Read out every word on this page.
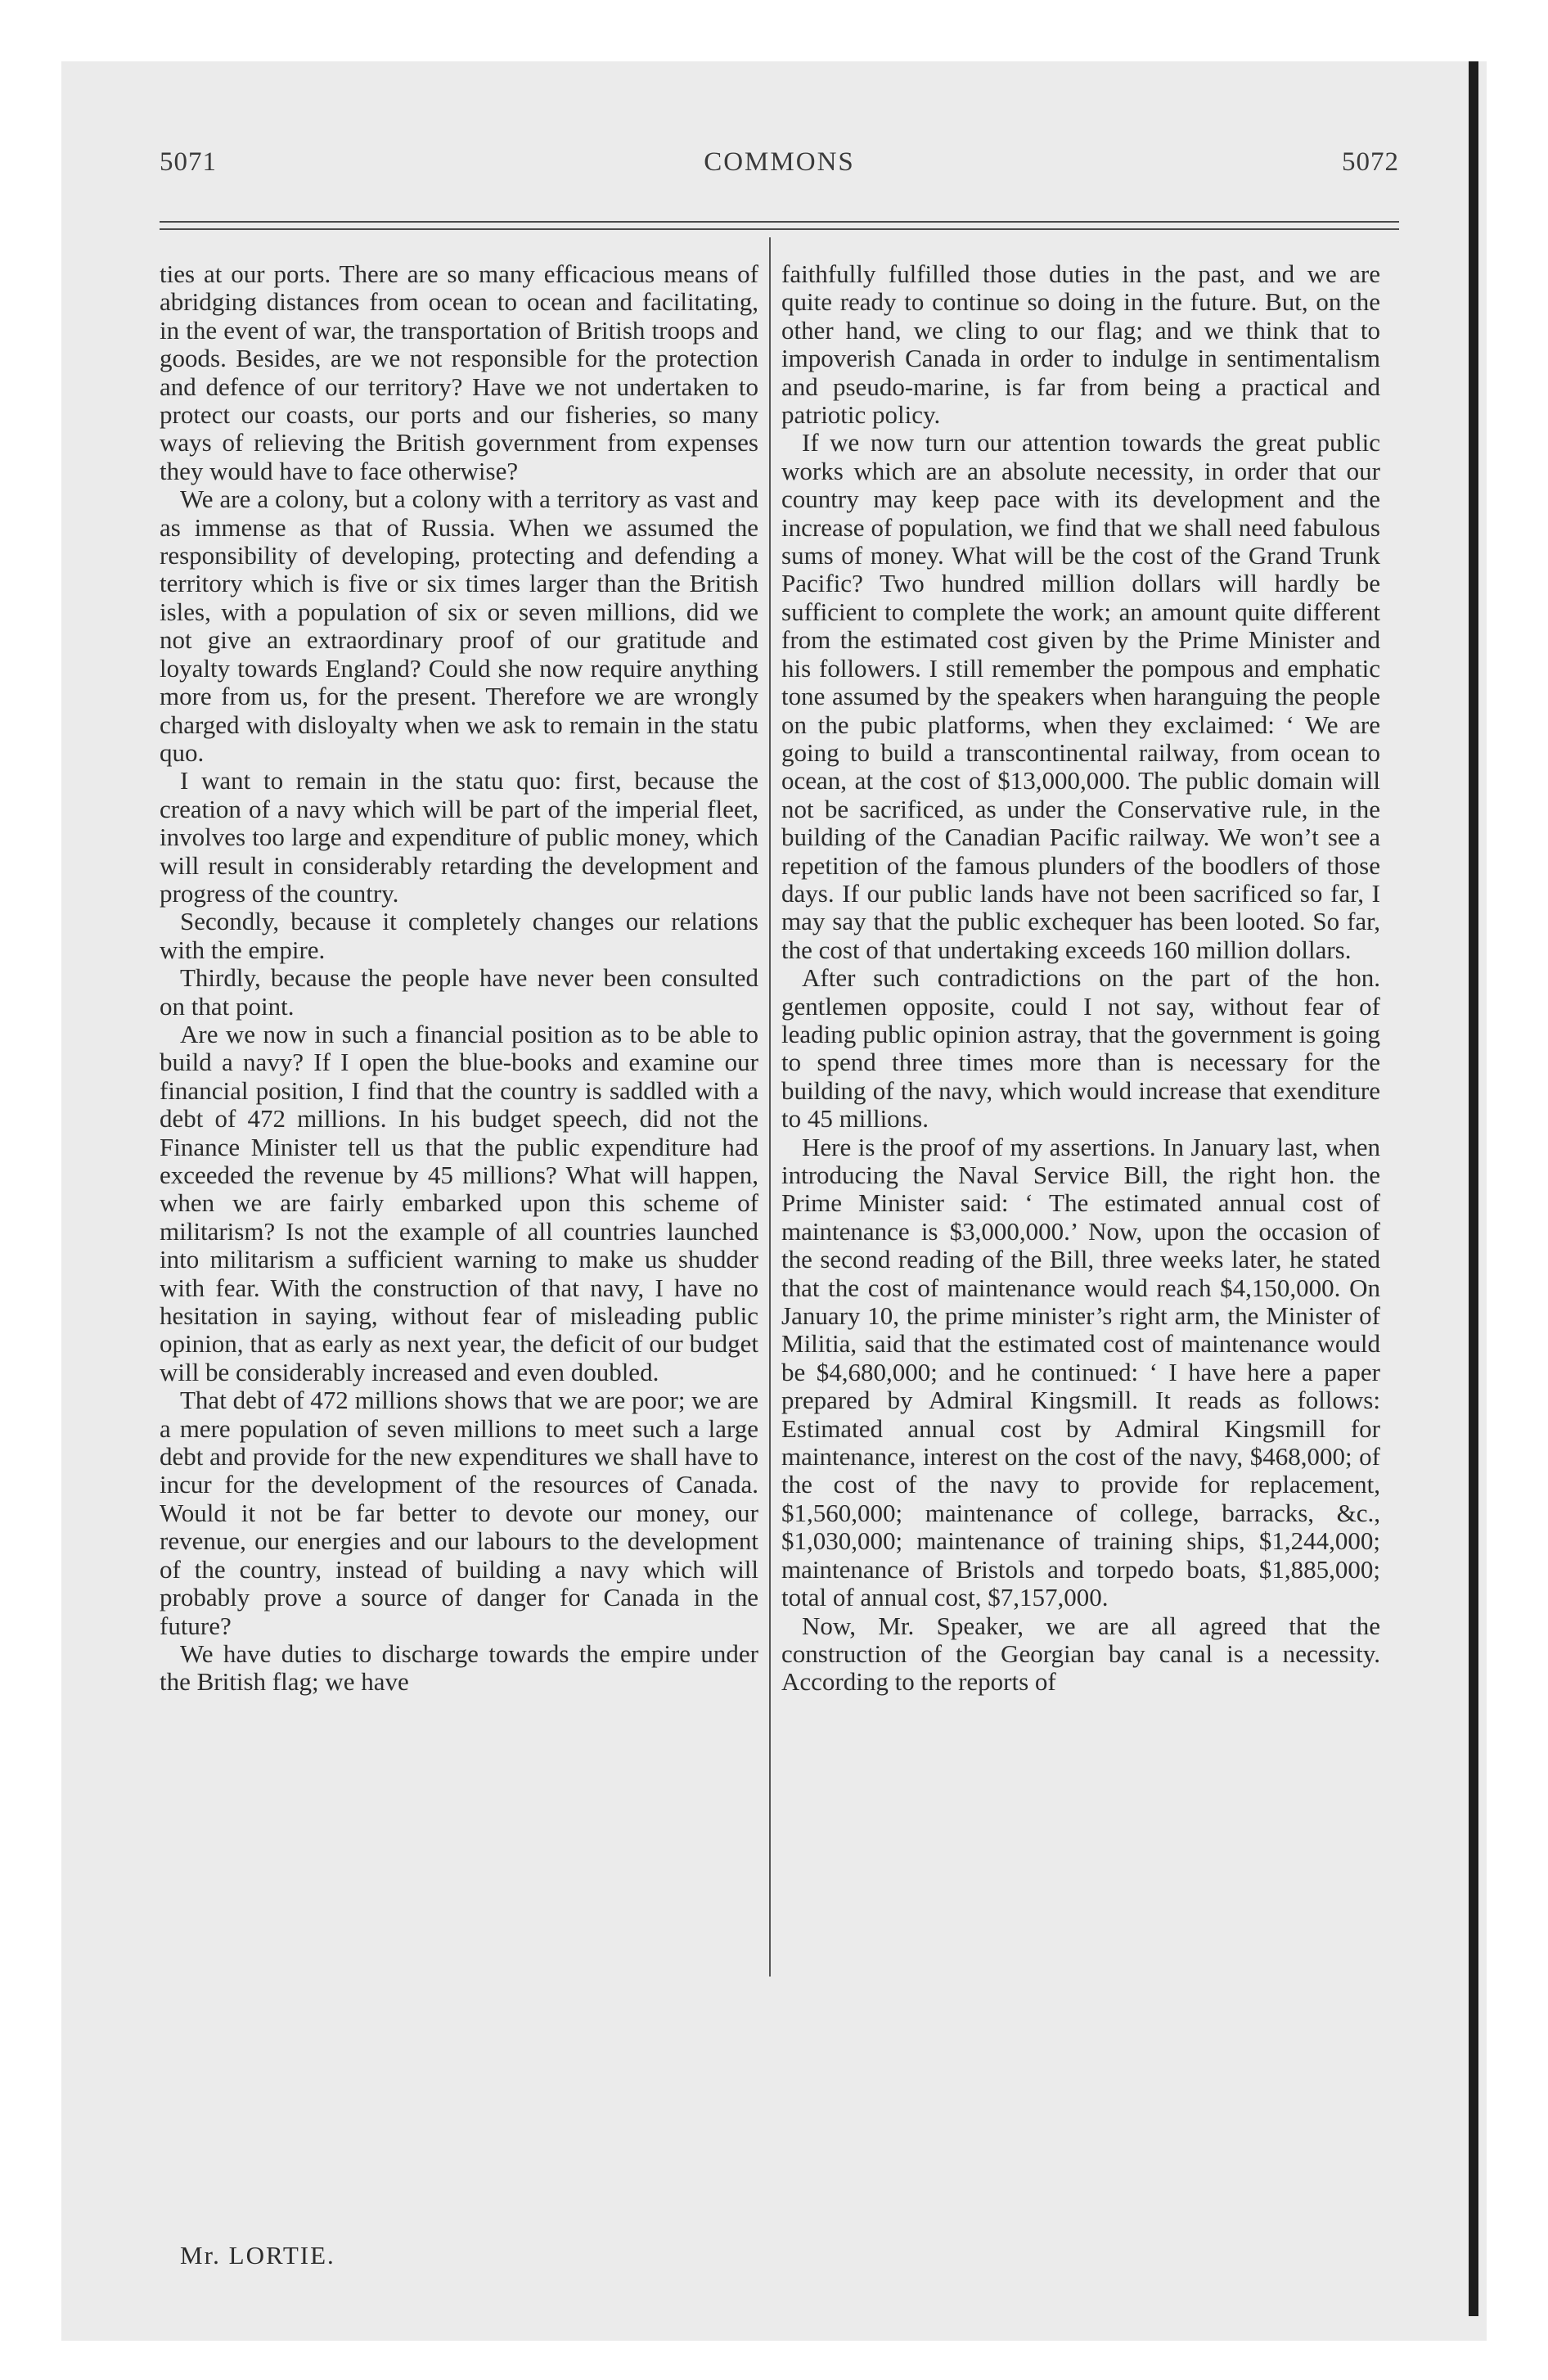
5071	COMMONS	5072

ties at our ports. There are so many efficacious means of abridging distances from ocean to ocean and facilitating, in the event of war, the transportation of British troops and goods. Besides, are we not responsible for the protection and defence of our territory? Have we not undertaken to protect our coasts, our ports and our fisheries, so many ways of relieving the British government from expenses they would have to face otherwise?

We are a colony, but a colony with a territory as vast and as immense as that of Russia. When we assumed the responsibility of developing, protecting and defending a territory which is five or six times larger than the British isles, with a population of six or seven millions, did we not give an extraordinary proof of our gratitude and loyalty towards England? Could she now require anything more from us, for the present. Therefore we are wrongly charged with disloyalty when we ask to remain in the statu quo.

I want to remain in the statu quo: first, because the creation of a navy which will be part of the imperial fleet, involves too large and expenditure of public money, which will result in considerably retarding the development and progress of the country.

Secondly, because it completely changes our relations with the empire.

Thirdly, because the people have never been consulted on that point.

Are we now in such a financial position as to be able to build a navy? If I open the blue-books and examine our financial position, I find that the country is saddled with a debt of 472 millions. In his budget speech, did not the Finance Minister tell us that the public expenditure had exceeded the revenue by 45 millions? What will happen, when we are fairly embarked upon this scheme of militarism? Is not the example of all countries launched into militarism a sufficient warning to make us shudder with fear. With the construction of that navy, I have no hesitation in saying, without fear of misleading public opinion, that as early as next year, the deficit of our budget will be considerably increased and even doubled.

That debt of 472 millions shows that we are poor; we are a mere population of seven millions to meet such a large debt and provide for the new expenditures we shall have to incur for the development of the resources of Canada. Would it not be far better to devote our money, our revenue, our energies and our labours to the development of the country, instead of building a navy which will probably prove a source of danger for Canada in the future?

We have duties to discharge towards the empire under the British flag; we have

Mr. LORTIE.

faithfully fulfilled those duties in the past, and we are quite ready to continue so doing in the future. But, on the other hand, we cling to our flag; and we think that to impoverish Canada in order to indulge in sentimentalism and pseudo-marine, is far from being a practical and patriotic policy.

If we now turn our attention towards the great public works which are an absolute necessity, in order that our country may keep pace with its development and the increase of population, we find that we shall need fabulous sums of money. What will be the cost of the Grand Trunk Pacific? Two hundred million dollars will hardly be sufficient to complete the work; an amount quite different from the estimated cost given by the Prime Minister and his followers. I still remember the pompous and emphatic tone assumed by the speakers when haranguing the people on the pubic platforms, when they exclaimed: ‘ We are going to build a transcontinental railway, from ocean to ocean, at the cost of $13,000,000. The public domain will not be sacrificed, as under the Conservative rule, in the building of the Canadian Pacific railway. We won’t see a repetition of the famous plunders of the boodlers of those days. If our public lands have not been sacrificed so far, I may say that the public exchequer has been looted. So far, the cost of that undertaking exceeds 160 million dollars.

After such contradictions on the part of the hon. gentlemen opposite, could I not say, without fear of leading public opinion astray, that the government is going to spend three times more than is necessary for the building of the navy, which would increase that exenditure to 45 millions.

Here is the proof of my assertions. In January last, when introducing the Naval Service Bill, the right hon. the Prime Minister said: ‘ The estimated annual cost of maintenance is $3,000,000.’ Now, upon the occasion of the second reading of the Bill, three weeks later, he stated that the cost of maintenance would reach $4,150,000. On January 10, the prime minister’s right arm, the Minister of Militia, said that the estimated cost of maintenance would be $4,680,000; and he continued: ‘ I have here a paper prepared by Admiral Kingsmill. It reads as follows: Estimated annual cost by Admiral Kingsmill for maintenance, interest on the cost of the navy, $468,000; of the cost of the navy to provide for replacement, $1,560,000; maintenance of college, barracks, &c., $1,030,000; maintenance of training ships, $1,244,000; maintenance of Bristols and torpedo boats, $1,885,000; total of annual cost, $7,157,000.

Now, Mr. Speaker, we are all agreed that the construction of the Georgian bay canal is a necessity. According to the reports of
